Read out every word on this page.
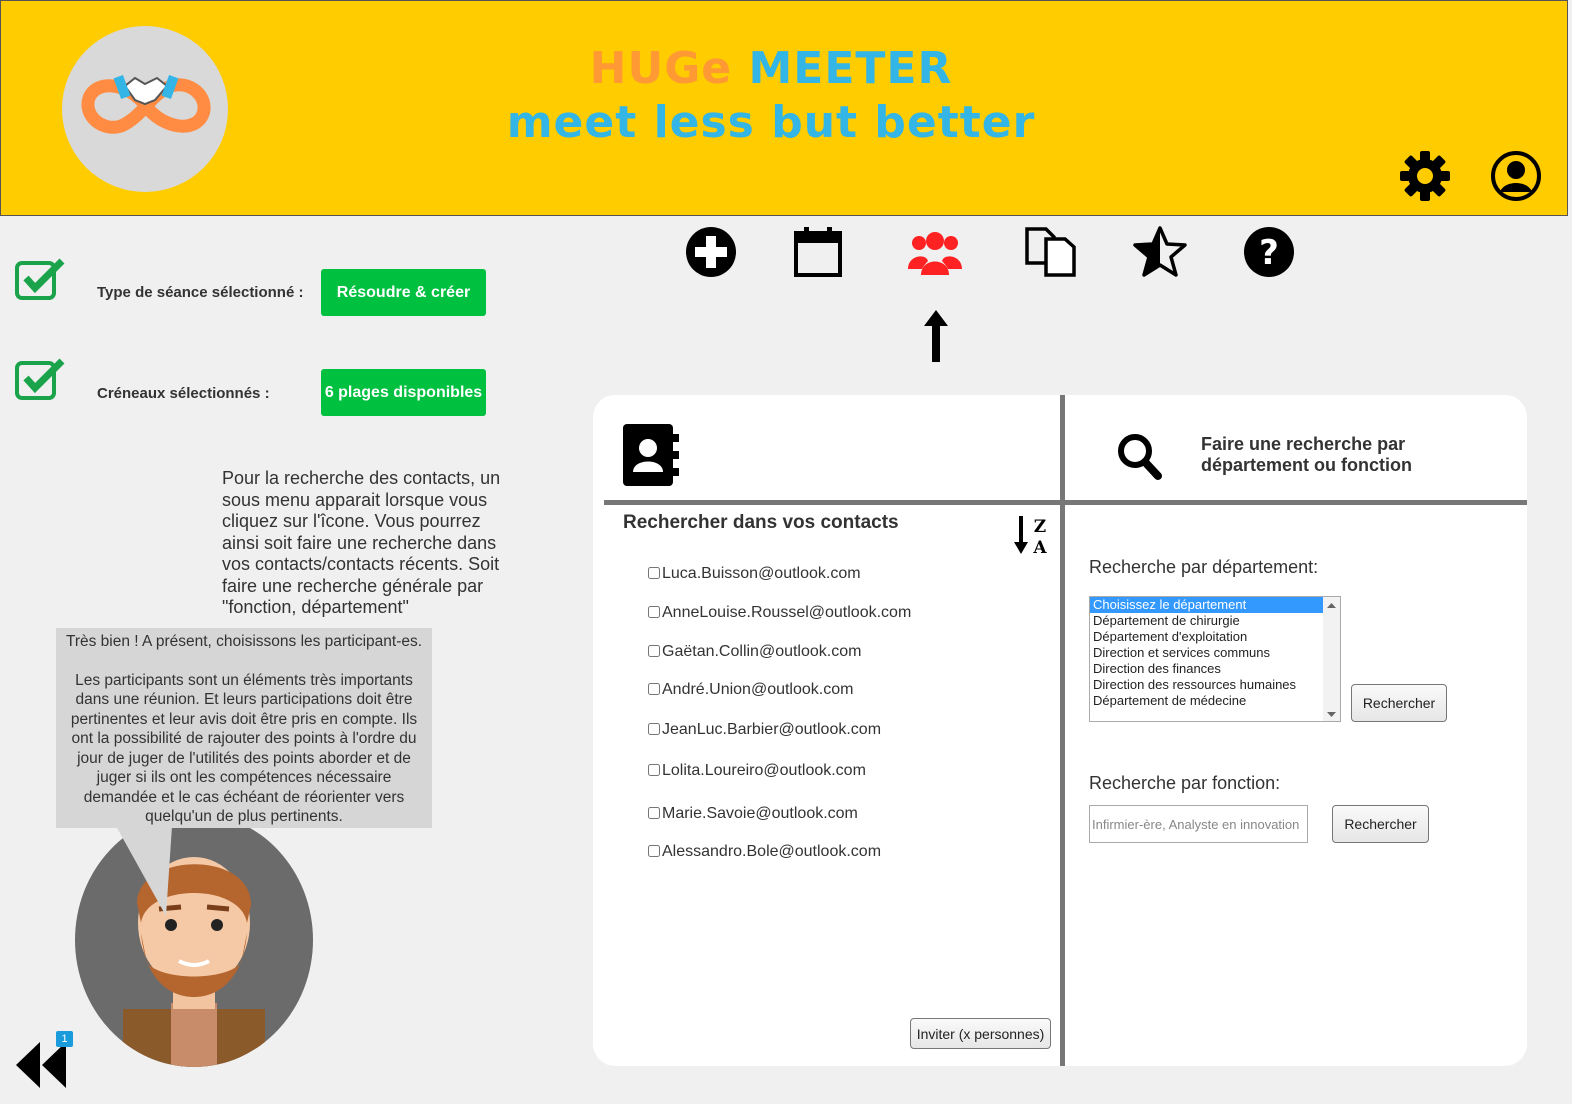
HUGe MEETER
meet less but better
?
Type de séance sélectionné :	Résoudre & créer
Créneaux sélectionnés :	6 plages disponibles
Pour la recherche des contacts, un sous menu apparait lorsque vous cliquez sur l'îcone. Vous pourrez ainsi soit faire une recherche dans vos contacts/contacts récents. Soit faire une recherche générale par "fonction, département"

Très bien ! A présent, choisissons les participant-es.

Les participants sont un éléments très importants dans une réunion. Et leurs participations doit être pertinentes et leur avis doit être pris en compte. Ils ont la possibilité de rajouter des points à l'ordre du jour de juger de l'utilités des points aborder et de juger si ils ont les compétences nécessaire demandée et le cas échéant de réorienter vers quelqu'un de plus pertinents.

1
Faire une recherche par département ou fonction
Rechercher dans vos contacts	Z
A
Luca.Buisson@outlook.com
AnneLouise.Roussel@outlook.com
Gaëtan.Collin@outlook.com
André.Union@outlook.com
JeanLuc.Barbier@outlook.com
Lolita.Loureiro@outlook.com
Marie.Savoie@outlook.com
Alessandro.Bole@outlook.com
Inviter (x personnes)
Recherche par département:
Choisissez le département
Département de chirurgie
Département d'exploitation
Direction et services communs
Direction des finances
Direction des ressources humaines
Département de médecine	Rechercher
Recherche par fonction:
Infirmier-ère, Analyste en innovation	Rechercher
